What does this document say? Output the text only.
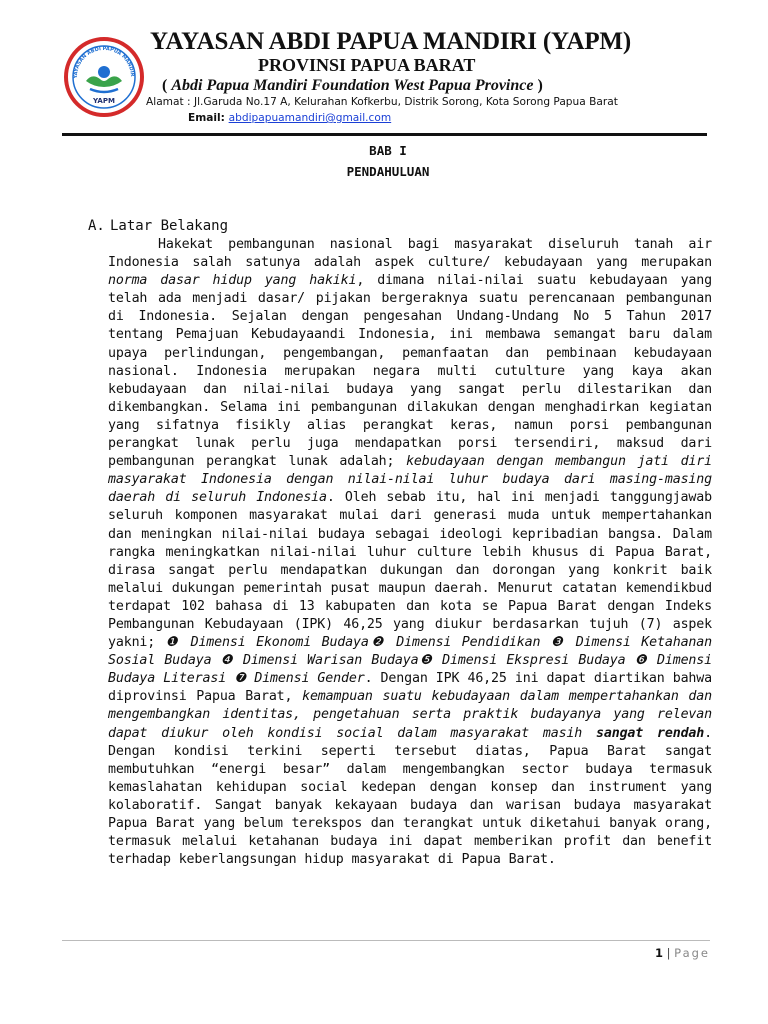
YAYASAN ABDI PAPUA MANDIR
YAPM
YAYASAN ABDI PAPUA MANDIRI (YAPM)
PROVINSI PAPUA BARAT
( Abdi Papua Mandiri Foundation West Papua Province )
Alamat : Jl.Garuda No.17 A, Kelurahan Kofkerbu, Distrik Sorong, Kota Sorong Papua Barat
Email: abdipapuamandiri@gmail.com
BAB I
PENDAHULUAN
A. Latar Belakang

Hakekat pembangunan nasional bagi masyarakat diseluruh tanah air Indonesia salah satunya adalah aspek culture/ kebudayaan yang merupakan norma dasar hidup yang hakiki, dimana nilai-nilai suatu kebudayaan yang telah ada menjadi dasar/ pijakan bergeraknya suatu perencanaan pembangunan di Indonesia. Sejalan dengan pengesahan Undang-Undang No 5 Tahun 2017 tentang Pemajuan Kebudayaandi Indonesia, ini membawa semangat baru dalam upaya perlindungan, pengembangan, pemanfaatan dan pembinaan kebudayaan nasional. Indonesia merupakan negara multi cutulture yang kaya akan kebudayaan dan nilai-nilai budaya yang sangat perlu dilestarikan dan dikembangkan. Selama ini pembangunan dilakukan dengan menghadirkan kegiatan yang sifatnya fisikly alias perangkat keras, namun porsi pembangunan perangkat lunak perlu juga mendapatkan porsi tersendiri, maksud dari pembangunan perangkat lunak adalah; kebudayaan dengan membangun jati diri masyarakat Indonesia dengan nilai-nilai luhur budaya dari masing-masing daerah di seluruh Indonesia. Oleh sebab itu, hal ini menjadi tanggungjawab seluruh komponen masyarakat mulai dari generasi muda untuk mempertahankan dan meningkan nilai-nilai budaya sebagai ideologi kepribadian bangsa. Dalam rangka meningkatkan nilai-nilai luhur culture lebih khusus di Papua Barat, dirasa sangat perlu mendapatkan dukungan dan dorongan yang konkrit baik melalui dukungan pemerintah pusat maupun daerah. Menurut catatan kemendikbud terdapat 102 bahasa di 13 kabupaten dan kota se Papua Barat dengan Indeks Pembangunan Kebudayaan (IPK) 46,25 yang diukur berdasarkan tujuh (7) aspek yakni; ❶ Dimensi Ekonomi Budaya❷ Dimensi Pendidikan ❸ Dimensi Ketahanan Sosial Budaya ❹ Dimensi Warisan Budaya❺ Dimensi Ekspresi Budaya ❻ Dimensi Budaya Literasi ❼ Dimensi Gender. Dengan IPK 46,25 ini dapat diartikan bahwa diprovinsi Papua Barat, kemampuan suatu kebudayaan dalam mempertahankan dan mengembangkan identitas, pengetahuan serta praktik budayanya yang relevan dapat diukur oleh kondisi social dalam masyarakat masih sangat rendah. Dengan kondisi terkini seperti tersebut diatas, Papua Barat sangat membutuhkan “energi besar” dalam mengembangkan sector budaya termasuk kemaslahatan kehidupan social kedepan dengan konsep dan instrument yang kolaboratif. Sangat banyak kekayaan budaya dan warisan budaya masyarakat Papua Barat yang belum terekspos dan terangkat untuk diketahui banyak orang, termasuk melalui ketahanan budaya ini dapat memberikan profit dan benefit terhadap keberlangsungan hidup masyarakat di Papua Barat.

1 | Page
